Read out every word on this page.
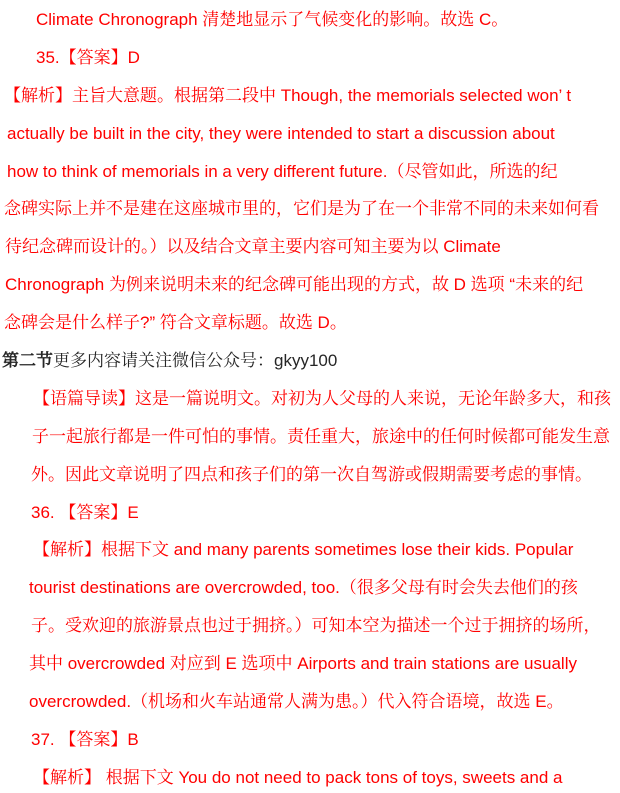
Climate Chronograph 清楚地显示了气候变化的影响。故选 C。
35.【答案】D
【解析】主旨大意题。根据第二段中 Though, the memorials selected won’ t
actually be built in the city, they were intended to start a discussion about
how to think of memorials in a very different future.（尽管如此，所选的纪
念碑实际上并不是建在这座城市里的，它们是为了在一个非常不同的未来如何看
待纪念碑而设计的。）以及结合文章主要内容可知主要为以 Climate
Chronograph 为例来说明未来的纪念碑可能出现的方式，故 D 选项 “未来的纪
念碑会是什么样子?” 符合文章标题。故选 D。
第二节更多内容请关注微信公众号：gkyy100
【语篇导读】这是一篇说明文。对初为人父母的人来说，无论年龄多大，和孩
子一起旅行都是一件可怕的事情。责任重大，旅途中的任何时候都可能发生意
外。因此文章说明了四点和孩子们的第一次自驾游或假期需要考虑的事情。
36. 【答案】E
【解析】根据下文 and many parents sometimes lose their kids. Popular
tourist destinations are overcrowded, too.（很多父母有时会失去他们的孩
子。受欢迎的旅游景点也过于拥挤。）可知本空为描述一个过于拥挤的场所，
其中 overcrowded 对应到 E 选项中 Airports and train stations are usually
overcrowded.（机场和火车站通常人满为患。）代入符合语境，故选 E。
37. 【答案】B
【解析】 根据下文 You do not need to pack tons of toys, sweets and a
